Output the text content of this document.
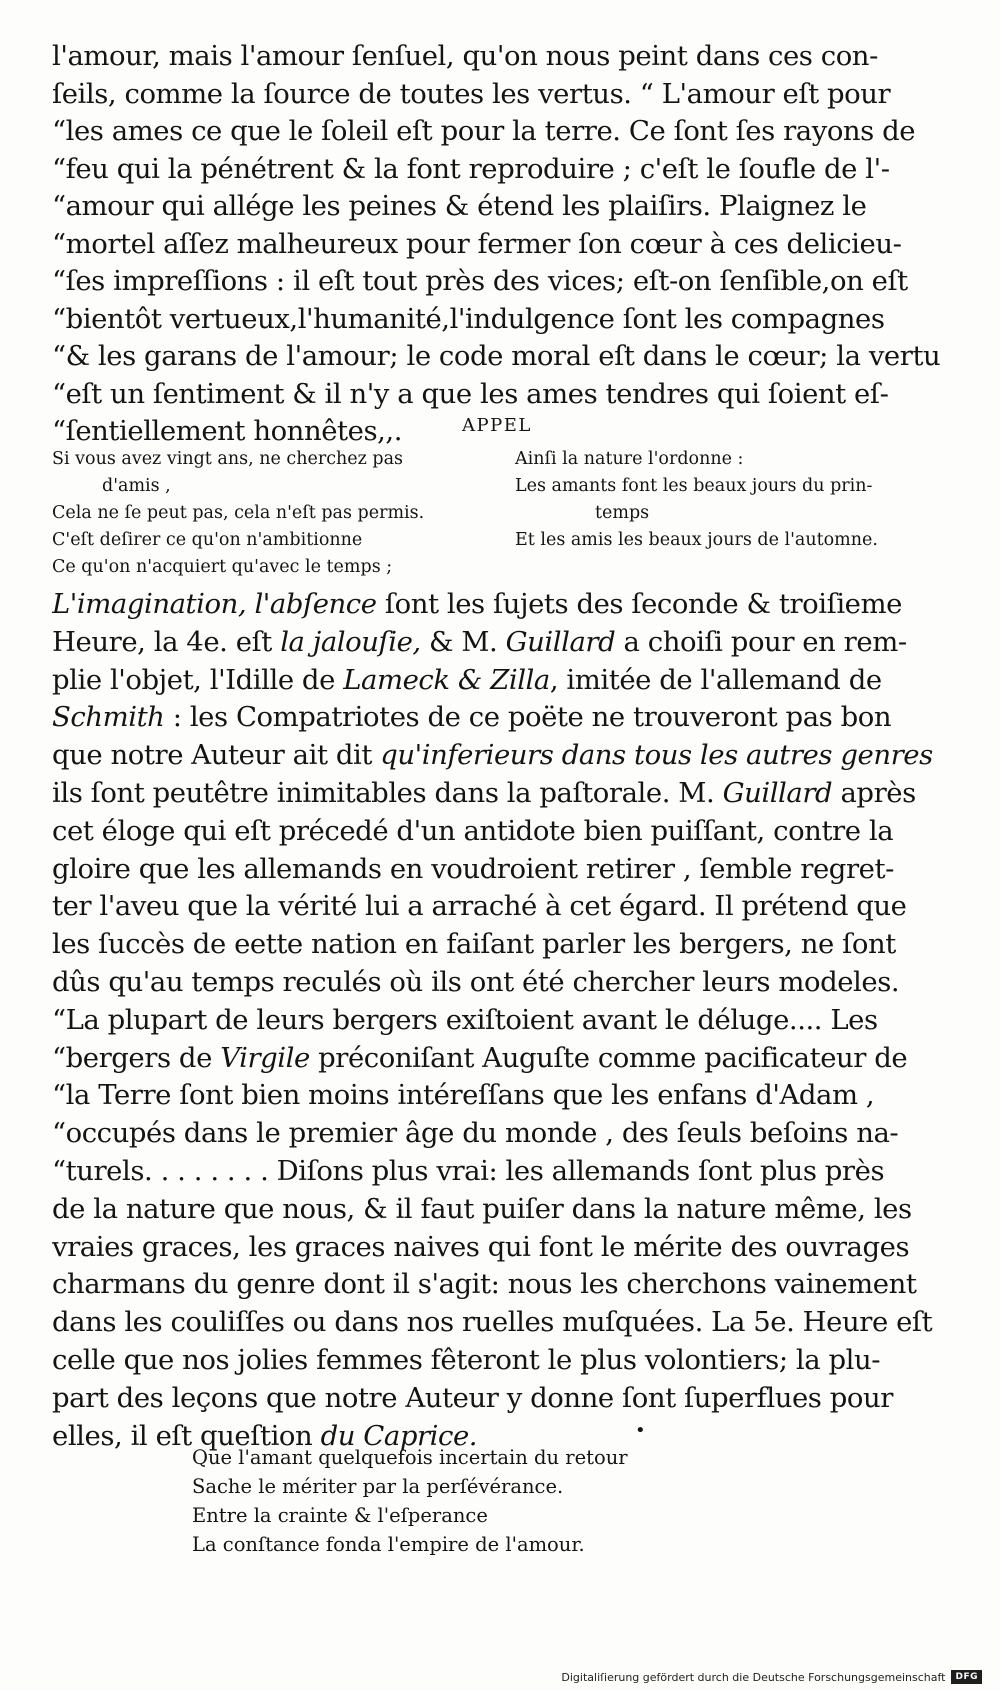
l'amour, mais l'amour ſenſuel, qu'on nous peint dans ces con-
ſeils, comme la ſource de toutes les vertus. “ L'amour eſt pour
“les ames ce que le ſoleil eſt pour la terre. Ce ſont ſes rayons de
“feu qui la pénétrent & la font reproduire ; c'eſt le ſoufle de l'-
“amour qui allége les peines & étend les plaiſirs. Plaignez le
“mortel aſſez malheureux pour fermer ſon cœur à ces delicieu-
“ſes impreſſions : il eſt tout près des vices; eſt-on ſenſible,on eſt
“bientôt vertueux,l'humanité,l'indulgence ſont les compagnes
“& les garans de l'amour; le code moral eſt dans le cœur; la vertu
“eſt un ſentiment & il n'y a que les ames tendres qui ſoient eſ-
“ſentiellement honnêtes,,.	APPEL
Si vous avez vingt ans, ne cherchez pas
d'amis ,
Cela ne ſe peut pas, cela n'eſt pas permis.
C'eſt deſirer ce qu'on n'ambitionne
Ce qu'on n'acquiert qu'avec le temps ;
Ainſi la nature l'ordonne :
Les amants font les beaux jours du prin-
temps
Et les amis les beaux jours de l'automne.
L'imagination, l'abſence ſont les ſujets des ſeconde & troiſieme
Heure, la 4e. eſt la jalouſie, & M. Guillard a choiſi pour en rem-
plie l'objet, l'Idille de Lameck & Zilla, imitée de l'allemand de
Schmith : les Compatriotes de ce poëte ne trouveront pas bon
que notre Auteur ait dit qu'inferieurs dans tous les autres genres
ils ſont peutêtre inimitables dans la paſtorale. M. Guillard après
cet éloge qui eſt précedé d'un antidote bien puiſſant, contre la
gloire que les allemands en voudroient retirer , ſemble regret-
ter l'aveu que la vérité lui a arraché à cet égard. Il prétend que
les ſuccès de eette nation en faiſant parler les bergers, ne ſont
dûs qu'au temps reculés où ils ont été chercher leurs modeles.
“La plupart de leurs bergers exiſtoient avant le déluge.... Les
“bergers de Virgile préconiſant Auguſte comme pacificateur de
“la Terre ſont bien moins intéreſſans que les enfans d'Adam ,
“occupés dans le premier âge du monde , des ſeuls beſoins na-
“turels. . . . . . . . Diſons plus vrai: les allemands ſont plus près
de la nature que nous, & il faut puiſer dans la nature même, les
vraies graces, les graces naives qui font le mérite des ouvrages
charmans du genre dont il s'agit: nous les cherchons vainement
dans les couliſſes ou dans nos ruelles muſquées. La 5e. Heure eſt
celle que nos jolies femmes fêteront le plus volontiers; la plu-
part des leçons que notre Auteur y donne ſont ſuperflues pour
elles, il eſt queſtion du Caprice.	•
Que l'amant quelquefois incertain du retour
Sache le mériter par la perſévérance.
Entre la crainte & l'eſperance
La conſtance fonda l'empire de l'amour.
Digitaliſierung gefördert durch die Deutsche Forschungsgemeinschaft	DFG
